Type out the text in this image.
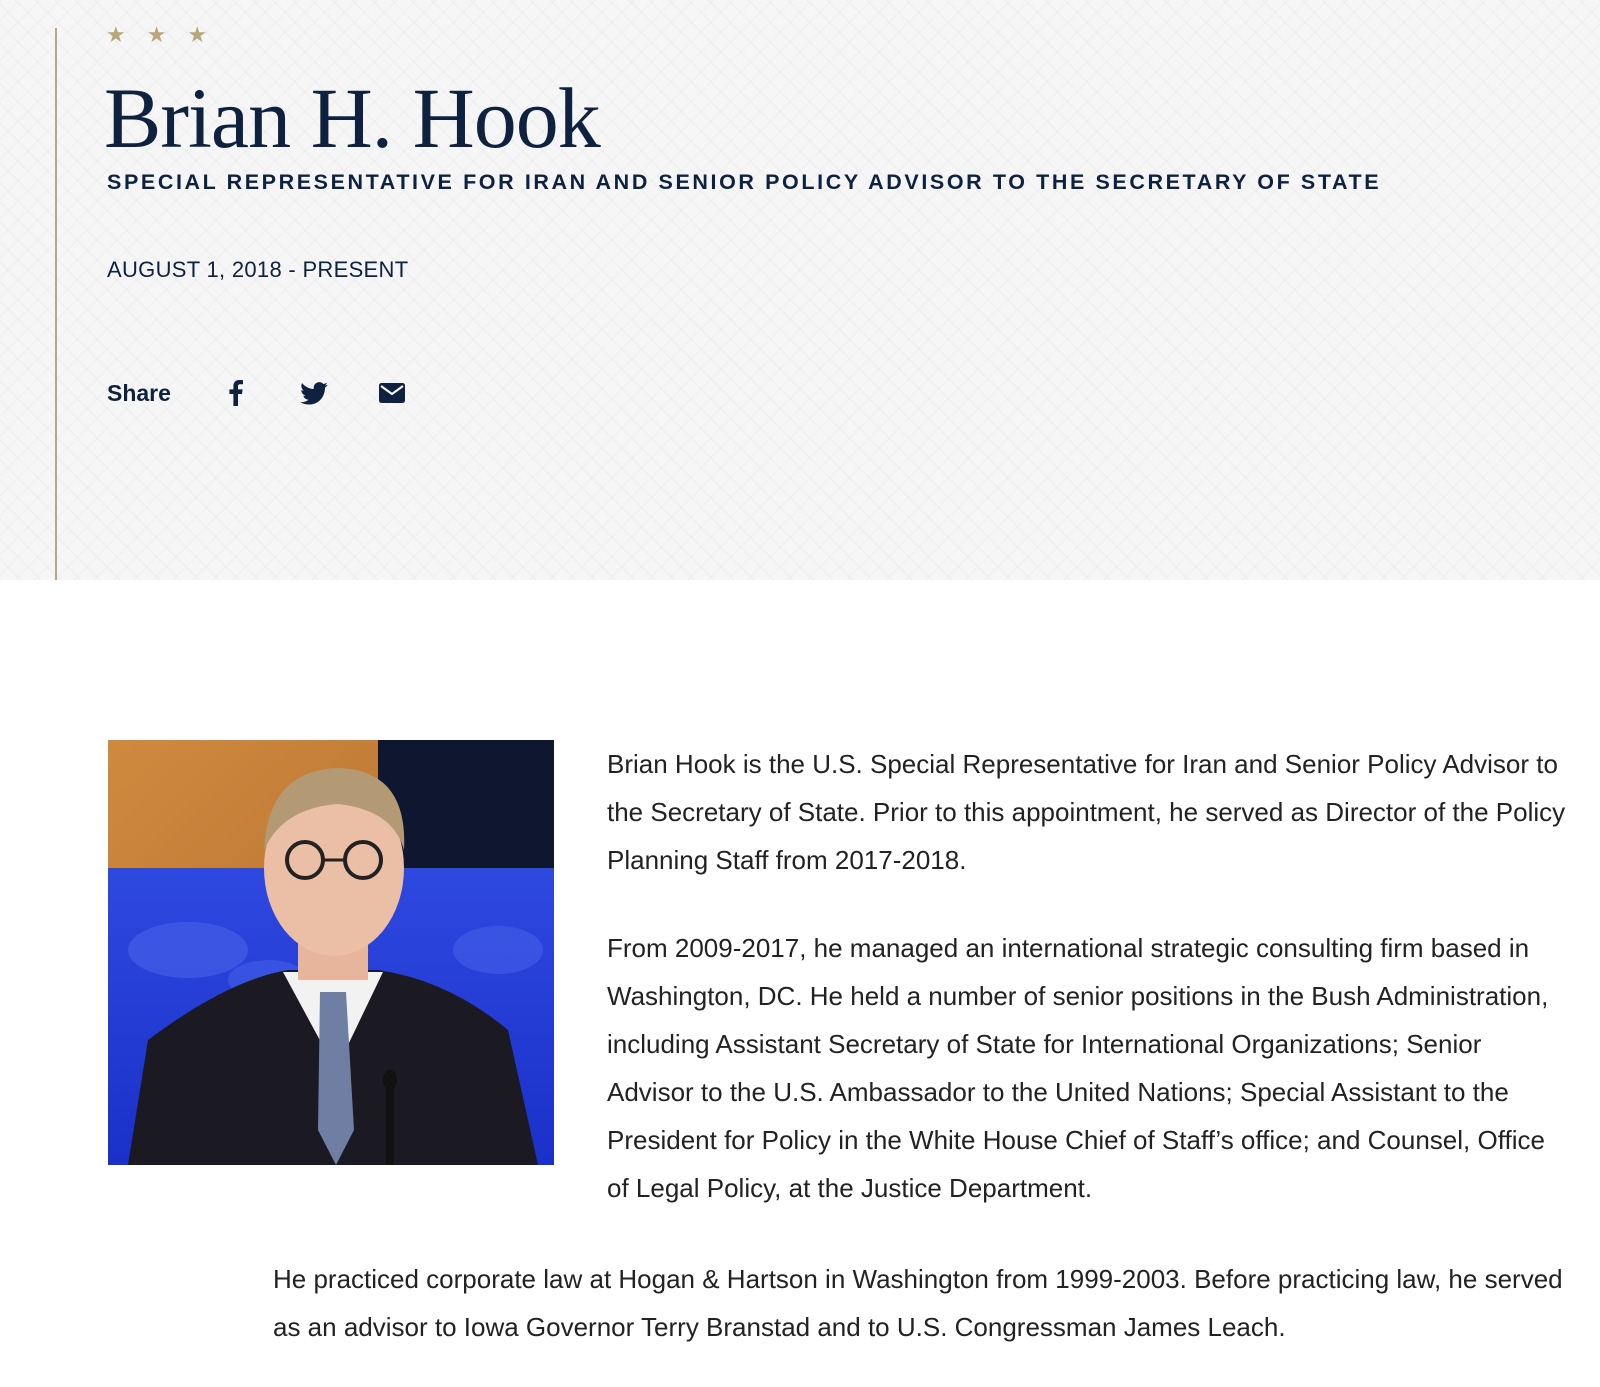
★ ★ ★
Brian H. Hook
SPECIAL REPRESENTATIVE FOR IRAN AND SENIOR POLICY ADVISOR TO THE SECRETARY OF STATE
AUGUST 1, 2018 - PRESENT
Share

Brian Hook is the U.S. Special Representative for Iran and Senior Policy Advisor to the Secretary of State. Prior to this appointment, he served as Director of the Policy Planning Staff from 2017-2018.

From 2009-2017, he managed an international strategic consulting firm based in Washington, DC. He held a number of senior positions in the Bush Administration, including Assistant Secretary of State for International Organizations; Senior Advisor to the U.S. Ambassador to the United Nations; Special Assistant to the President for Policy in the White House Chief of Staff’s office; and Counsel, Office of Legal Policy, at the Justice Department.

He practiced corporate law at Hogan & Hartson in Washington from 1999-2003. Before practicing law, he served as an advisor to Iowa Governor Terry Branstad and to U.S. Congressman James Leach.
